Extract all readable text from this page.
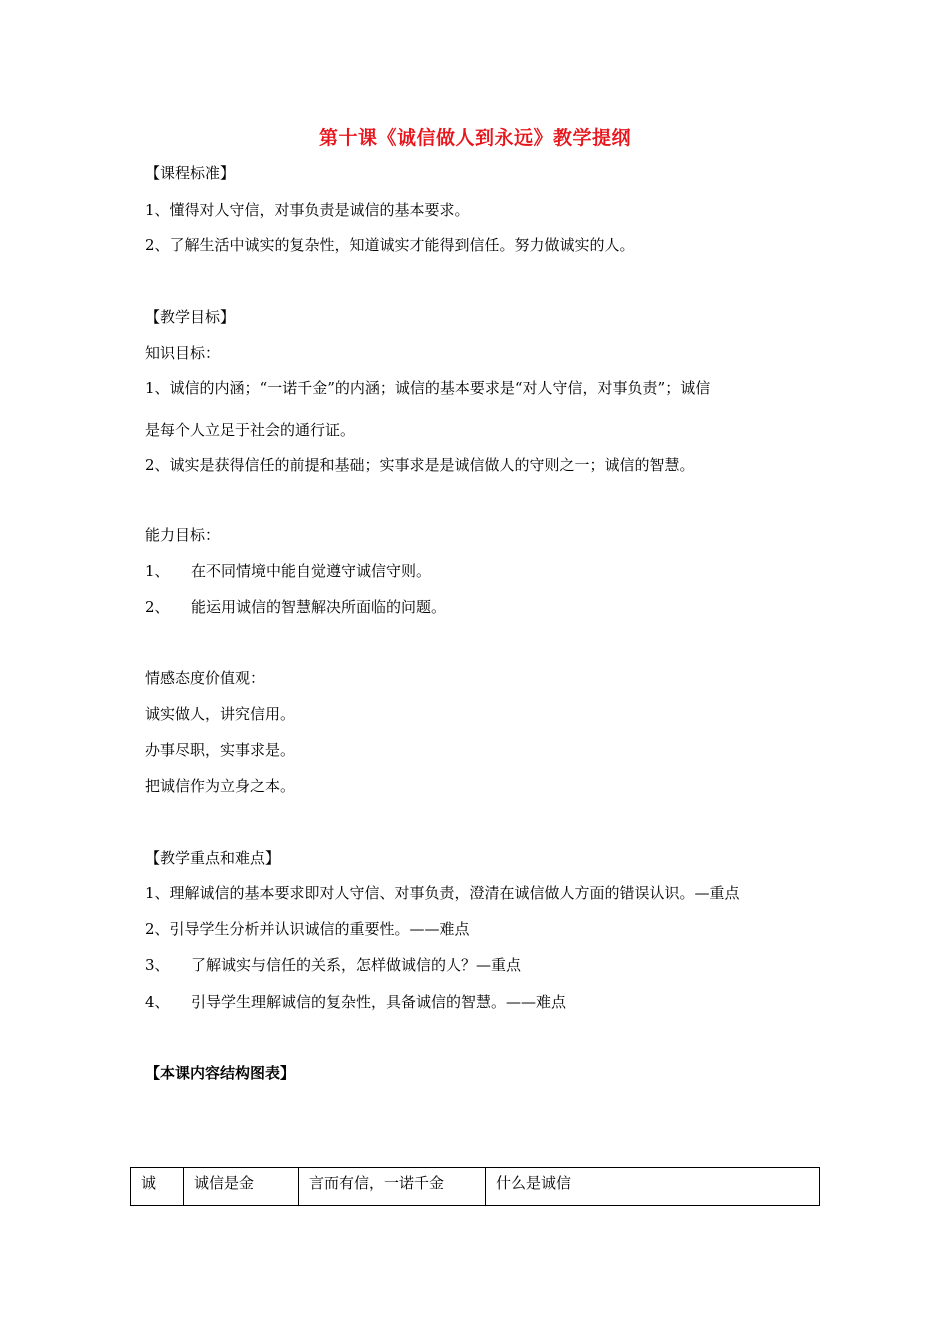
第十课《诚信做人到永远》教学提纲
【课程标准】
1、懂得对人守信，对事负责是诚信的基本要求。
2、了解生活中诚实的复杂性，知道诚实才能得到信任。努力做诚实的人。
【教学目标】
知识目标：
1、诚信的内涵；“一诺千金”的内涵；诚信的基本要求是“对人守信，对事负责”；诚信
是每个人立足于社会的通行证。
2、诚实是获得信任的前提和基础；实事求是是诚信做人的守则之一；诚信的智慧。
能力目标：
1、 在不同情境中能自觉遵守诚信守则。
2、 能运用诚信的智慧解决所面临的问题。
情感态度价值观：
诚实做人，讲究信用。
办事尽职，实事求是。
把诚信作为立身之本。
【教学重点和难点】
1、理解诚信的基本要求即对人守信、对事负责，澄清在诚信做人方面的错误认识。—重点
2、引导学生分析并认识诚信的重要性。——难点
3、 了解诚实与信任的关系，怎样做诚信的人？—重点
4、 引导学生理解诚信的复杂性，具备诚信的智慧。——难点
【本课内容结构图表】
诚	诚信是金	言而有信，一诺千金	什么是诚信
